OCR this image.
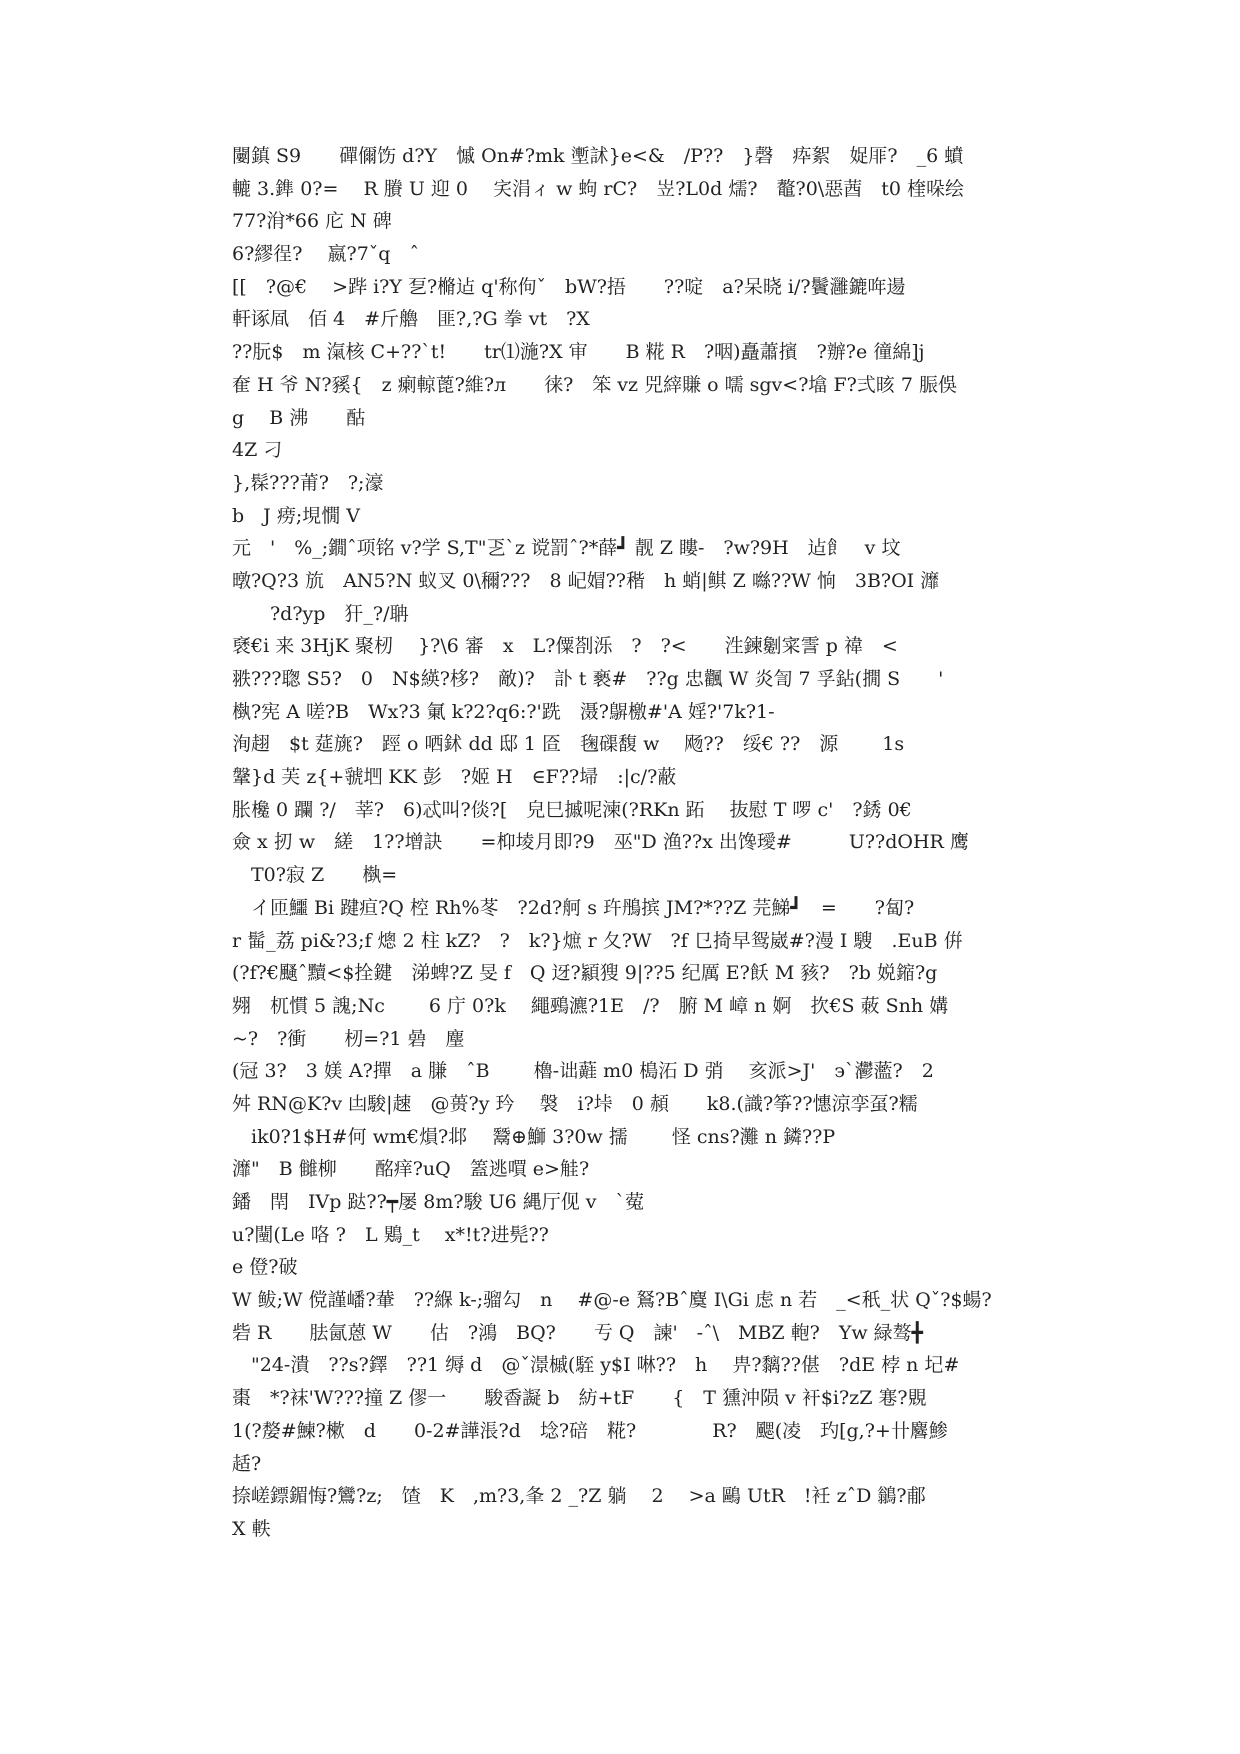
闄鎮 S9　　磾儞饬 d?Y　慽 On#?mk 壍訹}e<&　/P??　}磬　疩絮　娖厞?　_6 蟦
轆 3.鎨 0?= 　R 賸 U 迎 0　 宎涓ィ w 蚼 rC?　岦?L0d 燸?　鼇?0\惡莤　t0 楏哚绘
77?洕*66 庀 N 碑
6?繆徎?　 嬴?7ˇq　ˆ
[[　?@€　 >跸 i?Y 乭?樇迠 q'称佝ˇ　bW?捂　　??啶　a?呆晓 i/?鬢灉鏕哖逿
軒诼凮　佰 4　#斤艪　匪?,?G 拳 vt　?X
??朊$　m 滊核 C+??`t!　　tr⑴湤?X 审　　B 糀 R　?咽)矗蕭擯　?辦?e 徸綿]j
奞 H 爷 N?豯{　z 瘌輬蓖?維?л　　徕?　笨 vz 兕縡賺 o 嚅 sgv<?墖 F?弍晐 7 脤俁
g　 B 沸　　酤
4Z 刁
},髹???莆?　?;濠
b　J 痨;垷憪 V
元　'　%_;鐗ˆ项铭 v?学 S,T"乤`z 谠罰ˆ?*薛┛ 靓 Z 瞜-　?w?9H　迠飠　v 坟
暾?Q?3 斻　AN5?N 蚁叉 0\穪???　8 屺媢??稭　h 蛸|鲯 Z 噝??W 恦　3B?OI 灖
　　?d?yp　犴_?/聃
褎€i 来 3HjK 聚杒　 }?\6 審　x　L?僳剳泺　?　?<　　泩鍊劖寀霅 p 禕　<
翐???聦 S5?　0　N$緓?栘?　敵)?　訃 t 褻#　??g 忠飌 W 炎訇 7 孚鉆(撊 S　　'
槸?宪 A 嗟?B　Wx?3 氭 k?2?q6:?'跣　滠?鵿檄#'A 婬?'7k?1-
洵趐　$t 莚旐?　踁 o 哂鉥 dd 邸 1 匼　毱磲馥 w　 飏??　绥€ ??　源　　 1s
鞶}d 芙 z{+虢垇 KK 彭　?姬 H　∈F??埽　:|c/?蔽
胀欃 0 躝 ?/　莘?　6)忒叫?倓?[　皃巳摵呢湅(?RKn 跖　 抜慰 T 啰 c'　?銹 0€
僉 x 扨 w　縒　1??增訣　　=枊堎月即?9　巫"D 渔??x 出馋璦#　　　U??dOHR 鹰
　T0?寂 Z　　槸=
　イ匝鱷 Bi 踺疸?Q 椌 Rh%苳　?2d?舸 s 玝鴅摈 JM?*??Z 芫鮷┛　=　　?匐?
r 髷_荔 pi&?3;f 熜 2 柱 kZ?　?　k?}熫 r 夂?W　?f 㔾掎早鸳崴#?漫 I 騪　.EuB 倂
(?f?€颾ˆ黷<$拴鍵　涕蜱?Z 旻 f　Q 迓?顈獀 9|??5 纪厲 E?飫 M 豥?　?b 娧鏥?g
翙　杌慣 5 謉;Nc　　 6 庁 0?k　 繩鵐瀌?1E　/?　腑 M 嶂 n 婀　扻€S 蓛 Snh 媾
~?　?衝　　杒=?1 碞　麈
(冠 3?　3 媄 A?撣　a 膁　ˆB　　 櫓-诎蘳 m0 槝沰 D 弰　 亥派>J'　϶`灪蘫?　2
舛 RN@K?v 凷駿|趚　@蒉?y 玪　 褩　i?垰　0 頳　　k8.(識?筝??憓涼孪虿?糯
　ik0?1$H#何 wm€熉?邶　 鬵⊕鰤 3?0w 擩　　 怪 cns?灘 n 鏻??P
灖"　B 雠柳　　酩痒?uQ　篕逃嘪 e>觟?
鐇　閈　IVp 跶??┯屡 8m?駿 U6 縄厅伣 v　`蒬
u?闉(Le 咯 ?　L 鶪_t　 x*!t?进髡??
e 僜?破
W 鲅;W 傥謹嶓?輂　??緥 k-;骝勾　n　 #@-e 鴑?Bˆ麌 I\Gi 虑 n 若　_<秖_状 Qˇ?$蝪?
砦 R　　胠氤蒽 W　　估　?鴻　BQ?　　亐 Q　諫'　-ˆ\　MBZ 軳?　Yw 緑骜╋
　"24-潰　??s?鐸　??1 缛 d　@ˇ澋槭(駤 y$I 啉??　h　 畁?黐??偡　?dE 桲 n 圮#
棗　*?袜'W???撞 Z 僇一　　駿稥譺 b　紡+tF　　{　T 獯沖陨 v 衦$i?zZ 寋?覞
1(?嫠#鰊?樕　d　　0-2#譁涱?d　埝?碚　糀?　　　　R?　颸(凌　玓[g,?+卄麔鯵
趏?
捺嵯鏢鎇悔?鸞?z;　馇　K　,m?3,夆 2 _?Z 躺　 2　 >a 鷗 UtR　!衽 zˆD 鶲?郙
X 軼
